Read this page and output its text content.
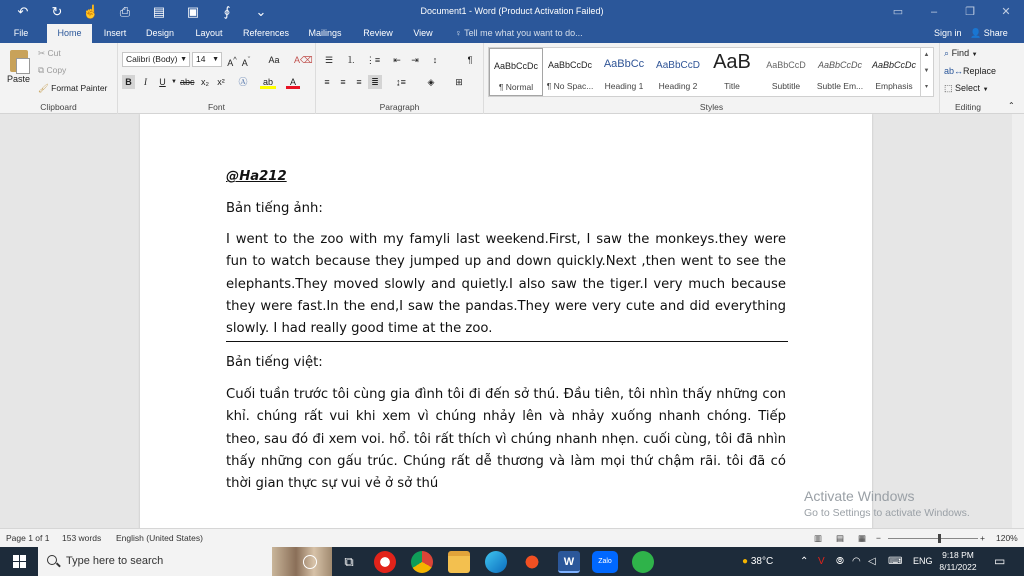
↶	↻	☝	⎙	▤	▣	∮	⌄	Document1 - Word (Product Activation Failed)	▭	–	❐	✕
File	Home	Insert	Design	Layout	References	Mailings	Review	View	♀ Tell me what you want to do...	Sign in 👤 Share
Paste
✂ Cut
⧉ Copy
🖌 Format Painter
Clipboard
Calibri (Body) ▼	14 ▼ A^ $A^ˇ$	Aa	A⌫
B	I	U ▼ abc x₂ x²	Ⓐ	ab	A
Font
☰	⒈	⋮≡	⇤	⇥	↕	¶
≡	≡	≡	≣	↨≡	◈	⊞
Paragraph
AaBbCcDc
¶ Normal
AaBbCcDc
¶ No Spac...
AaBbCc
Heading 1
AaBbCcD
Heading 2
AaB
Title
AaBbCcD
Subtitle
AaBbCcDc
Subtle Em...
AaBbCcDc
Emphasis
▲
▼
▾
Styles	Editing
⌕ Find ▼
ab↔Replace
⬚ Select ▼
⌃
@Ha212
Bản tiếng ảnh:
I went to the zoo with my famyli last weekend.First, I saw the monkeys.they were fun to watch because they jumped up and down quickly.Next ,then went to see the elephants.They moved slowly and quietly.I also saw the tiger.I very much because they were fast.In the end,I saw the pandas.They were very cute and did everything slowly. I had really good time at the zoo.
Bản tiếng việt:
Cuối tuần trước tôi cùng gia đình tôi đi đến sở thú. Đầu tiên, tôi nhìn thấy những con khỉ. chúng rất vui khi xem vì chúng nhảy lên và nhảy xuống nhanh chóng. Tiếp theo, sau đó đi xem voi. hổ. tôi rất thích vì chúng nhanh nhẹn. cuối cùng, tôi đã nhìn thấy những con gấu trúc. Chúng rất dễ thương và làm mọi thứ chậm rãi. tôi đã có thời gian thực sự vui vẻ ở sở thú
Activate Windows
Go to Settings to activate Windows.
Page 1 of 1 153 words English (United States)	▥ ▤ ▦ −	+ 120%
Type here to search	⧉	W	Zalo	● 38°C	⌃ V ⦾ ◠ ◁ ⌨ ENG
9:18 PM
8/11/2022 ▭
